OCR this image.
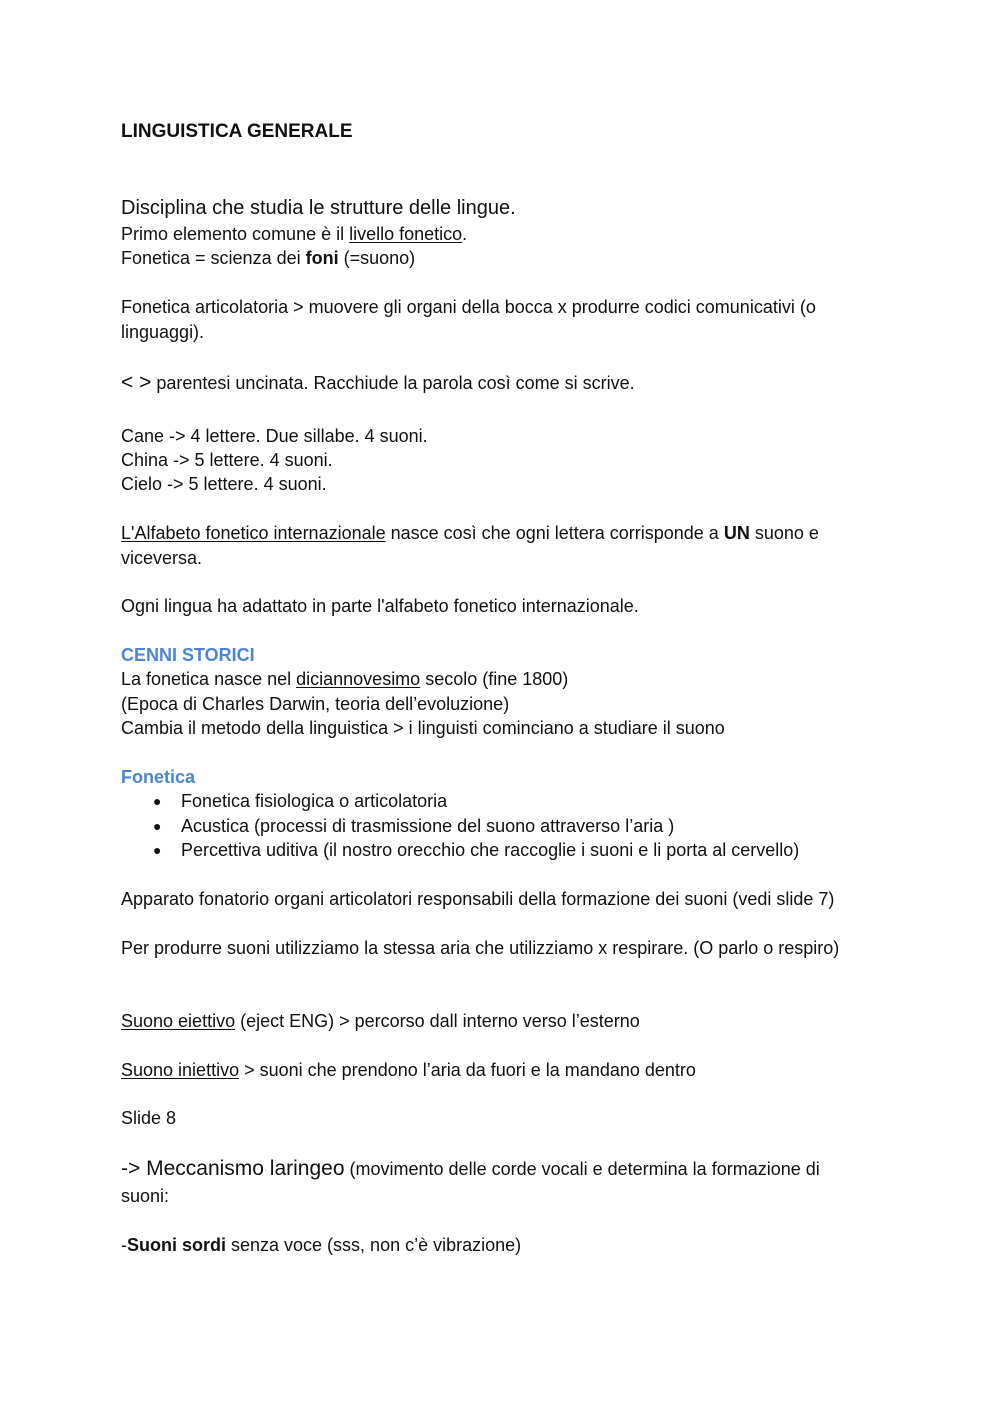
LINGUISTICA GENERALE

Disciplina che studia le strutture delle lingue.

Primo elemento comune è il livello fonetico.

Fonetica = scienza dei foni (=suono)

Fonetica articolatoria > muovere gli organi della bocca x produrre codici comunicativi (o

linguaggi).

< > parentesi uncinata. Racchiude la parola così come si scrive.

Cane -> 4 lettere. Due sillabe. 4 suoni.

China -> 5 lettere. 4 suoni.

Cielo -> 5 lettere. 4 suoni.

L'Alfabeto fonetico internazionale nasce così che ogni lettera corrisponde a UN suono e

viceversa.

Ogni lingua ha adattato in parte l'alfabeto fonetico internazionale.

CENNI STORICI

La fonetica nasce nel diciannovesimo secolo (fine 1800)

(Epoca di Charles Darwin, teoria dell’evoluzione)

Cambia il metodo della linguistica > i linguisti cominciano a studiare il suono

Fonetica

● Fonetica fisiologica o articolatoria
● Acustica (processi di trasmissione del suono attraverso l’aria )
● Percettiva uditiva (il nostro orecchio che raccoglie i suoni e li porta al cervello)

Apparato fonatorio organi articolatori responsabili della formazione dei suoni (vedi slide 7)

Per produrre suoni utilizziamo la stessa aria che utilizziamo x respirare. (O parlo o respiro)

Suono eiettivo (eject ENG) > percorso dall interno verso l’esterno

Suono iniettivo > suoni che prendono l’aria da fuori e la mandano dentro

Slide 8

-> Meccanismo laringeo (movimento delle corde vocali e determina la formazione di

suoni:

-Suoni sordi senza voce (sss, non c’è vibrazione)
